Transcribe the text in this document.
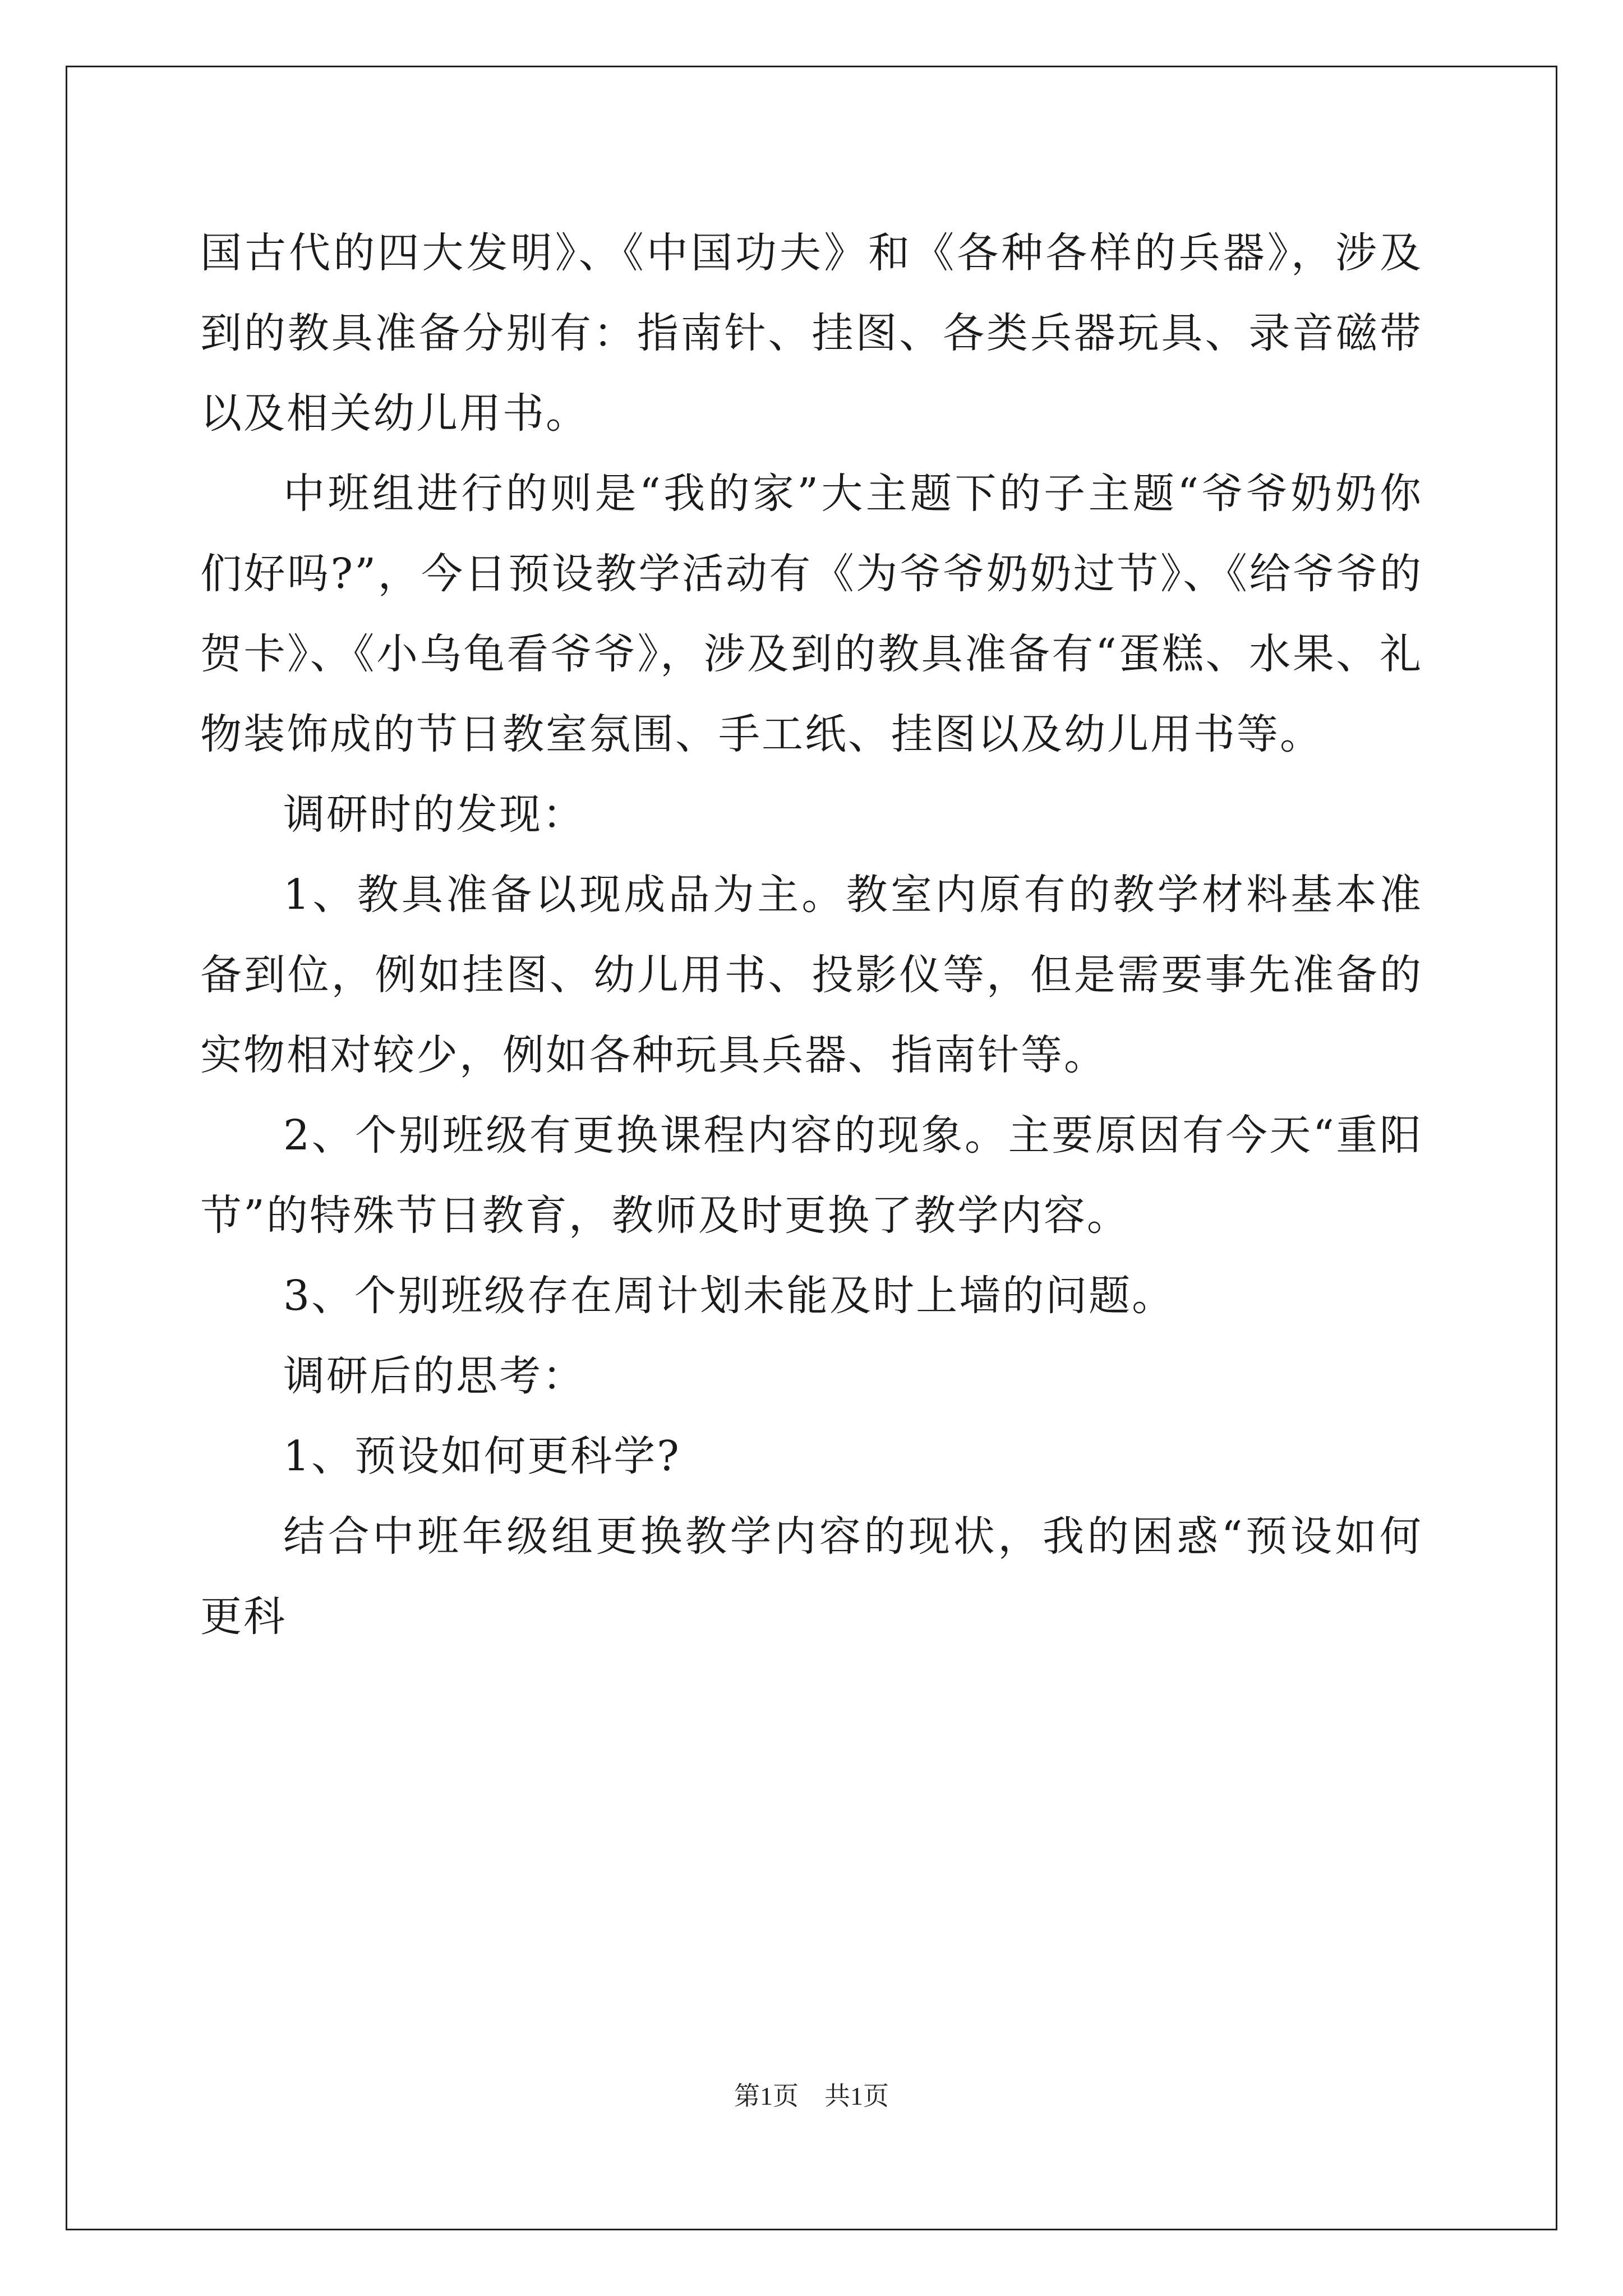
国古代的四大发明》、《中国功夫》和《各种各样的兵器》，涉及到的教具准备分别有：指南针、挂图、各类兵器玩具、录音磁带以及相关幼儿用书。

中班组进行的则是“我的家”大主题下的子主题“爷爷奶奶你们好吗?”，今日预设教学活动有《为爷爷奶奶过节》、《给爷爷的贺卡》、《小乌龟看爷爷》，涉及到的教具准备有“蛋糕、水果、礼物装饰成的节日教室氛围、手工纸、挂图以及幼儿用书等。

调研时的发现：

1、教具准备以现成品为主。教室内原有的教学材料基本准备到位，例如挂图、幼儿用书、投影仪等，但是需要事先准备的实物相对较少，例如各种玩具兵器、指南针等。

2、个别班级有更换课程内容的现象。主要原因有今天“重阳节”的特殊节日教育，教师及时更换了教学内容。

3、个别班级存在周计划未能及时上墙的问题。

调研后的思考：

1、预设如何更科学?

结合中班年级组更换教学内容的现状，我的困惑“预设如何更科

第1页　共1页
